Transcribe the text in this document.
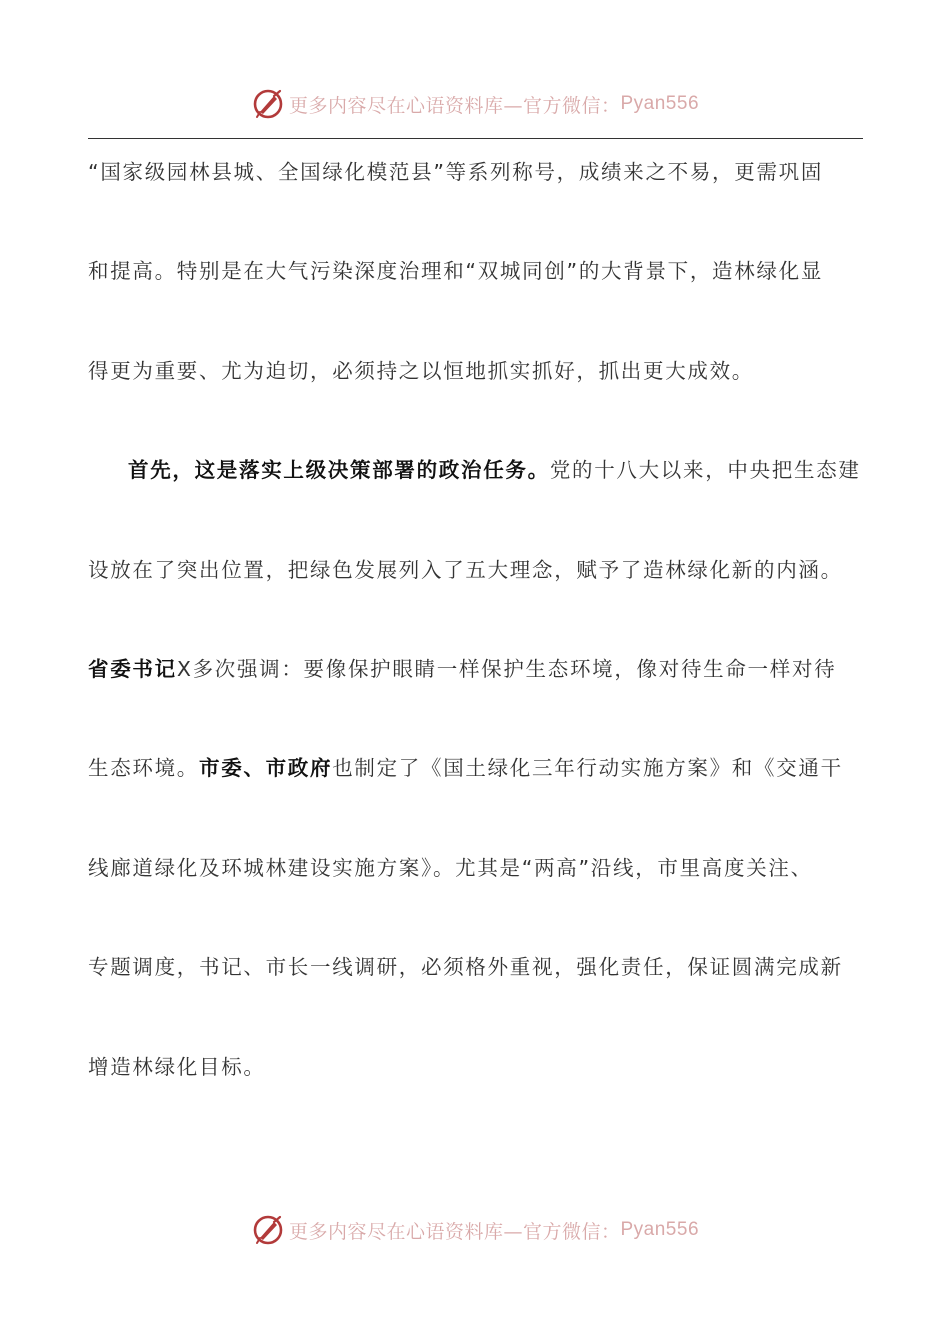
更多内容尽在心语资料库—官方微信： Pyan556
“国家级园林县城、全国绿化模范县”等系列称号，成绩来之不易，更需巩固
和提高。特别是在大气污染深度治理和“双城同创”的大背景下，造林绿化显
得更为重要、尤为迫切，必须持之以恒地抓实抓好，抓出更大成效。
首先，这是落实上级决策部署的政治任务。党的十八大以来，中央把生态建
设放在了突出位置，把绿色发展列入了五大理念，赋予了造林绿化新的内涵。
省委书记X多次强调：要像保护眼睛一样保护生态环境，像对待生命一样对待
生态环境。市委、市政府也制定了《国土绿化三年行动实施方案》和《交通干
线廊道绿化及环城林建设实施方案》。尤其是“两高”沿线，市里高度关注、
专题调度，书记、市长一线调研，必须格外重视，强化责任，保证圆满完成新
增造林绿化目标。
更多内容尽在心语资料库—官方微信： Pyan556
